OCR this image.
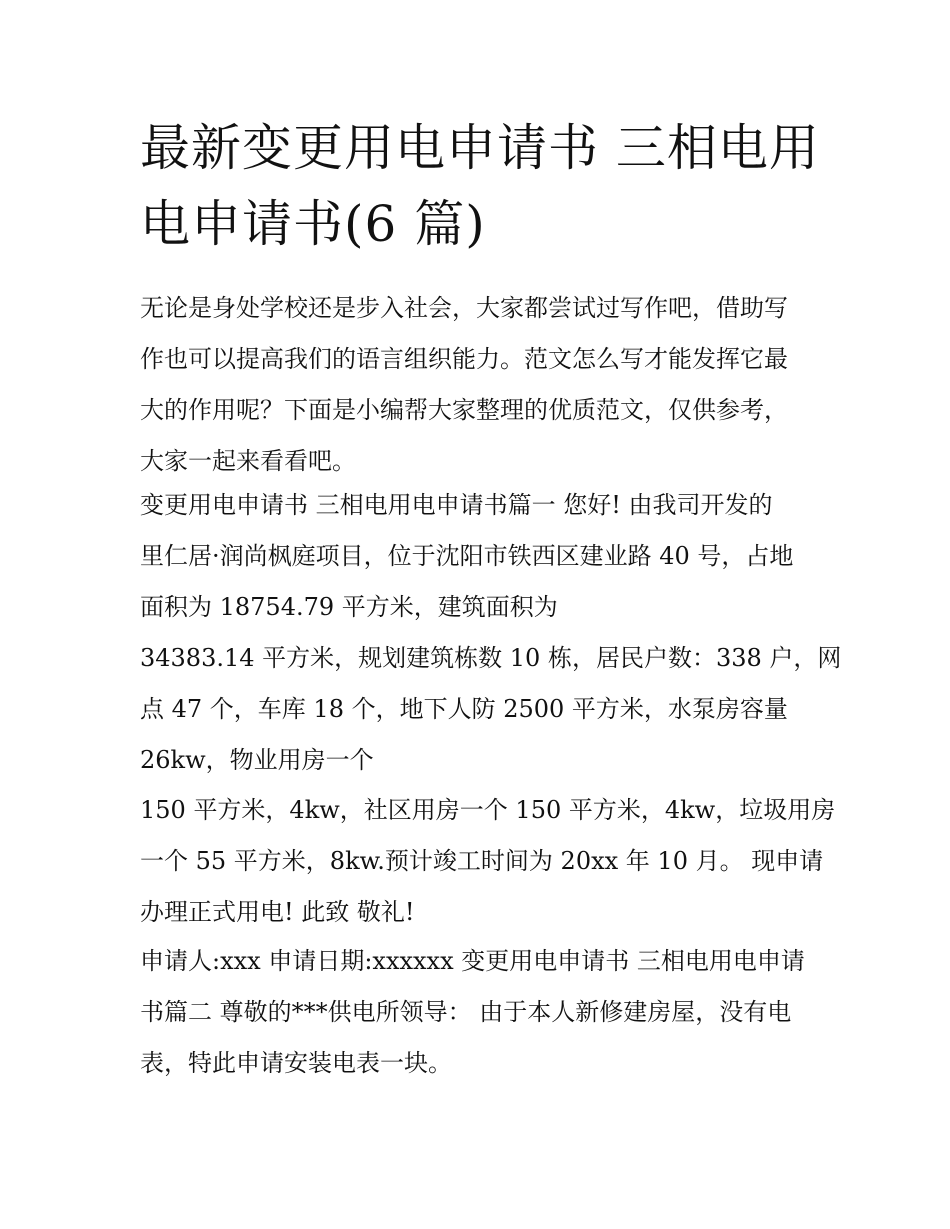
最新变更用电申请书 三相电用
电申请书(6 篇)

无论是身处学校还是步入社会，大家都尝试过写作吧，借助写
作也可以提高我们的语言组织能力。范文怎么写才能发挥它最
大的作用呢？下面是小编帮大家整理的优质范文，仅供参考，
大家一起来看看吧。

变更用电申请书 三相电用电申请书篇一 您好! 由我司开发的
里仁居·润尚枫庭项目，位于沈阳市铁西区建业路 40 号，占地
面积为 18754.79 平方米，建筑面积为

34383.14 平方米，规划建筑栋数 10 栋，居民户数：338 户，网
点 47 个，车库 18 个，地下人防 2500 平方米，水泵房容量
26kw，物业用房一个

150 平方米，4kw，社区用房一个 150 平方米，4kw，垃圾用房
一个 55 平方米，8kw.预计竣工时间为 20xx 年 10 月。 现申请
办理正式用电! 此致 敬礼!

申请人:xxx 申请日期:xxxxxx 变更用电申请书 三相电用电申请
书篇二 尊敬的***供电所领导： 由于本人新修建房屋，没有电
表，特此申请安装电表一块。
